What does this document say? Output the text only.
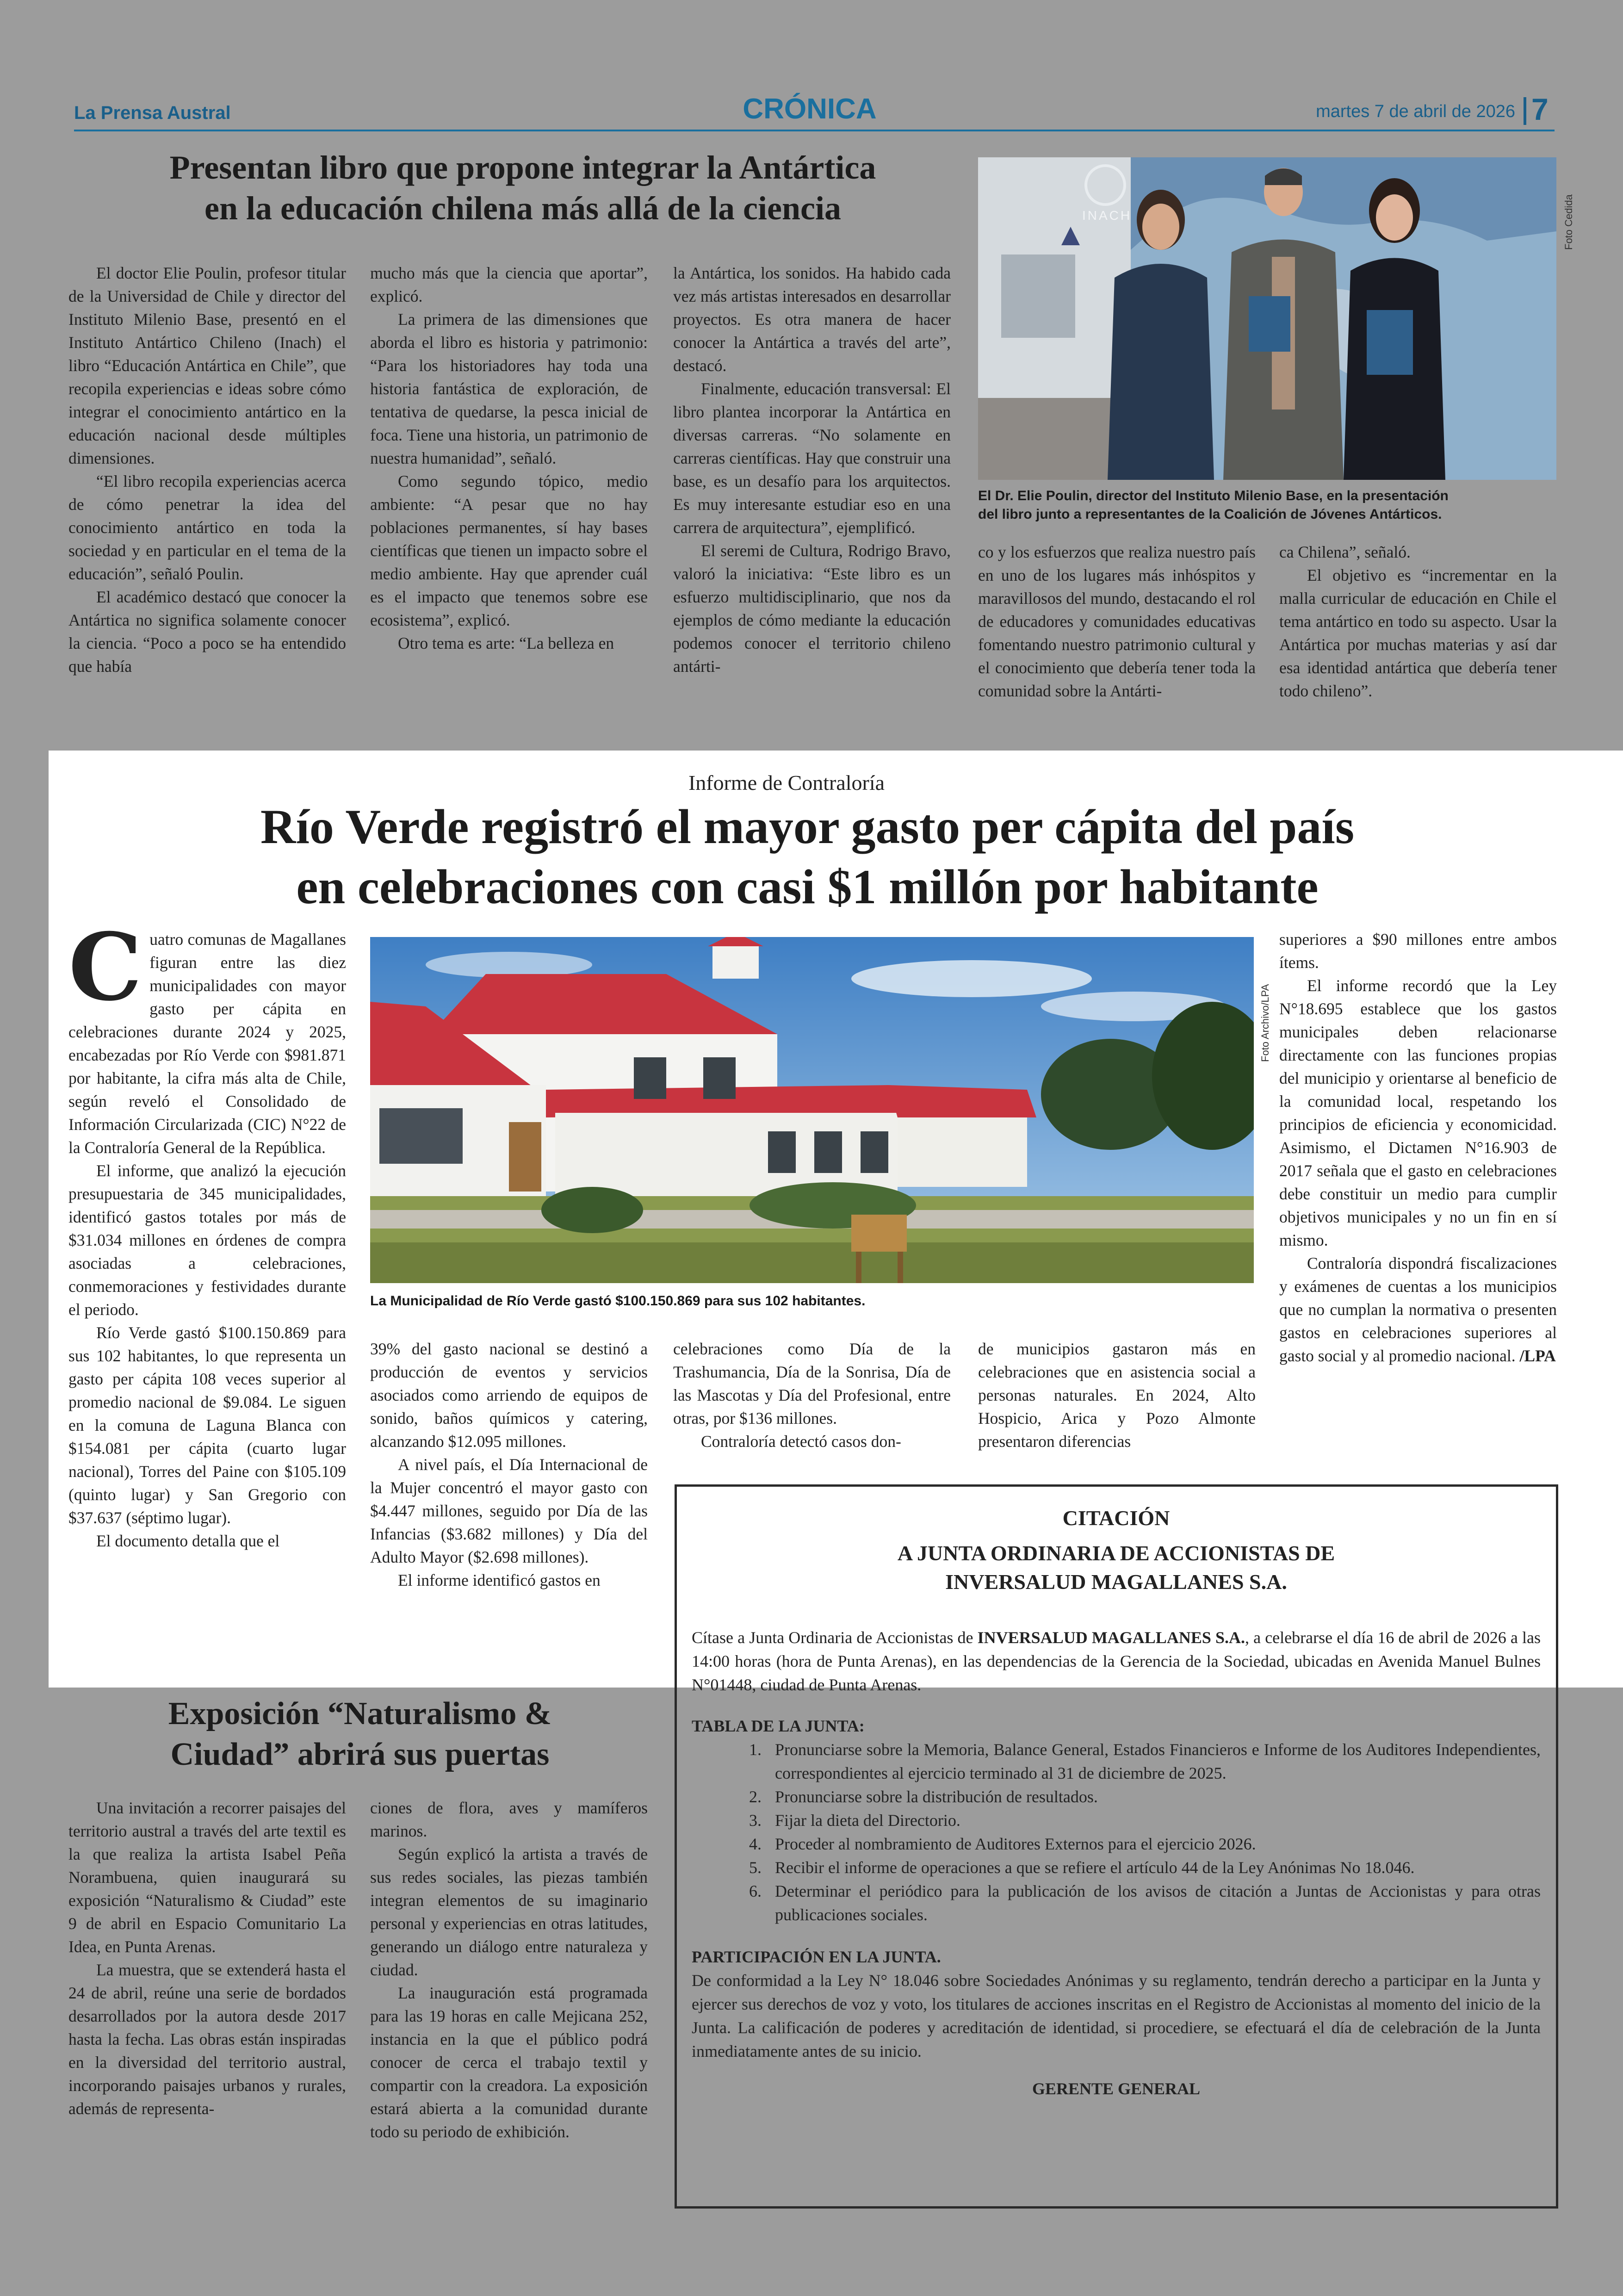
La Prensa Austral	CRÓNICA	martes 7 de abril de 2026 7
Presentan libro que propone integrar la Antártica
en la educación chilena más allá de la ciencia

El doctor Elie Poulin, profesor titular de la Universidad de Chile y director del Instituto Milenio Base, presentó en el Instituto Antártico Chileno (Inach) el libro “Educación Antártica en Chile”, que recopila experiencias e ideas sobre cómo integrar el conocimiento antártico en la educación nacional desde múltiples dimensiones.

“El libro recopila experiencias acerca de cómo penetrar la idea del conocimiento antártico en toda la sociedad y en particular en el tema de la educación”, señaló Poulin.

El académico destacó que conocer la Antártica no significa solamente conocer la ciencia. “Poco a poco se ha entendido que había

mucho más que la ciencia que aportar”, explicó.

La primera de las dimensiones que aborda el libro es historia y patrimonio: “Para los historiadores hay toda una historia fantástica de exploración, de tentativa de quedarse, la pesca inicial de foca. Tiene una historia, un patrimonio de nuestra humanidad”, señaló.

Como segundo tópico, medio ambiente: “A pesar que no hay poblaciones permanentes, sí hay bases científicas que tienen un impacto sobre el medio ambiente. Hay que aprender cuál es el impacto que tenemos sobre ese ecosistema”, explicó.

Otro tema es arte: “La belleza en

la Antártica, los sonidos. Ha habido cada vez más artistas interesados en desarrollar proyectos. Es otra manera de hacer conocer la Antártica a través del arte”, destacó.

Finalmente, educación transversal: El libro plantea incorporar la Antártica en diversas carreras. “No solamente en carreras científicas. Hay que construir una base, es un desafío para los arquitectos. Es muy interesante estudiar eso en una carrera de arquitectura”, ejemplificó.

El seremi de Cultura, Rodrigo Bravo, valoró la iniciativa: “Este libro es un esfuerzo multidisciplinario, que nos da ejemplos de cómo mediante la educación podemos conocer el territorio chileno antárti-

INACH	Foto Cedida
El Dr. Elie Poulin, director del Instituto Milenio Base, en la presentación
del libro junto a representantes de la Coalición de Jóvenes Antárticos.

co y los esfuerzos que realiza nuestro país en uno de los lugares más inhóspitos y maravillosos del mundo, destacando el rol de educadores y comunidades educativas fomentando nuestro patrimonio cultural y el conocimiento que debería tener toda la comunidad sobre la Antárti-

ca Chilena”, señaló.

El objetivo es “incrementar en la malla curricular de educación en Chile el tema antártico en todo su aspecto. Usar la Antártica por muchas materias y así dar esa identidad antártica que debería tener todo chileno”.

Informe de Contraloría
Río Verde registró el mayor gasto per cápita del país
en celebraciones con casi $1 millón por habitante
C uatro comunas de Magallanes figuran entre las diez municipalidades con mayor gasto per cápita en celebraciones durante 2024 y 2025, encabezadas por Río Verde con $981.871 por habitante, la cifra más alta de Chile, según reveló el Consolidado de Información Circularizada (CIC) N°22 de la Contraloría General de la República.

El informe, que analizó la ejecución presupuestaria de 345 municipalidades, identificó gastos totales por más de $31.034 millones en órdenes de compra asociadas a celebraciones, conmemoraciones y festividades durante el periodo.

Río Verde gastó $100.150.869 para sus 102 habitantes, lo que representa un gasto per cápita 108 veces superior al promedio nacional de $9.084. Le siguen en la comuna de Laguna Blanca con $154.081 per cápita (cuarto lugar nacional), Torres del Paine con $105.109 (quinto lugar) y San Gregorio con $37.637 (séptimo lugar).

El documento detalla que el

Foto Archivo/LPA
La Municipalidad de Río Verde gastó $100.150.869 para sus 102 habitantes.

39% del gasto nacional se destinó a producción de eventos y servicios asociados como arriendo de equipos de sonido, baños químicos y catering, alcanzando $12.095 millones.

A nivel país, el Día Internacional de la Mujer concentró el mayor gasto con $4.447 millones, seguido por Día de las Infancias ($3.682 millones) y Día del Adulto Mayor ($2.698 millones).

El informe identificó gastos en

celebraciones como Día de la Trashumancia, Día de la Sonrisa, Día de las Mascotas y Día del Profesional, entre otras, por $136 millones.

Contraloría detectó casos don-

de municipios gastaron más en celebraciones que en asistencia social a personas naturales. En 2024, Alto Hospicio, Arica y Pozo Almonte presentaron diferencias

superiores a $90 millones entre ambos ítems.

El informe recordó que la Ley N°18.695 establece que los gastos municipales deben relacionarse directamente con las funciones propias del municipio y orientarse al beneficio de la comunidad local, respetando los principios de eficiencia y economicidad. Asimismo, el Dictamen N°16.903 de 2017 señala que el gasto en celebraciones debe constituir un medio para cumplir objetivos municipales y no un fin en sí mismo.

Contraloría dispondrá fiscalizaciones y exámenes de cuentas a los municipios que no cumplan la normativa o presenten gastos en celebraciones superiores al gasto social y al promedio nacional. /LPA

Exposición “Naturalismo &
Ciudad” abrirá sus puertas

Una invitación a recorrer paisajes del territorio austral a través del arte textil es la que realiza la artista Isabel Peña Norambuena, quien inaugurará su exposición “Naturalismo & Ciudad” este 9 de abril en Espacio Comunitario La Idea, en Punta Arenas.

La muestra, que se extenderá hasta el 24 de abril, reúne una serie de bordados desarrollados por la autora desde 2017 hasta la fecha. Las obras están inspiradas en la diversidad del territorio austral, incorporando paisajes urbanos y rurales, además de representa-

ciones de flora, aves y mamíferos marinos.

Según explicó la artista a través de sus redes sociales, las piezas también integran elementos de su imaginario personal y experiencias en otras latitudes, generando un diálogo entre naturaleza y ciudad.

La inauguración está programada para las 19 horas en calle Mejicana 252, instancia en la que el público podrá conocer de cerca el trabajo textil y compartir con la creadora. La exposición estará abierta a la comunidad durante todo su periodo de exhibición.

CITACIÓN
A JUNTA ORDINARIA DE ACCIONISTAS DE
INVERSALUD MAGALLANES S.A.
Cítase a Junta Ordinaria de Accionistas de INVERSALUD MAGALLANES S.A., a celebrarse el día 16 de abril de 2026 a las 14:00 horas (hora de Punta Arenas), en las dependencias de la Gerencia de la Sociedad, ubicadas en Avenida Manuel Bulnes N°01448, ciudad de Punta Arenas.
TABLA DE LA JUNTA:
1. Pronunciarse sobre la Memoria, Balance General, Estados Financieros e Informe de los Auditores Independientes, correspondientes al ejercicio terminado al 31 de diciembre de 2025.
2. Pronunciarse sobre la distribución de resultados.
3. Fijar la dieta del Directorio.
4. Proceder al nombramiento de Auditores Externos para el ejercicio 2026.
5. Recibir el informe de operaciones a que se refiere el artículo 44 de la Ley Anónimas No 18.046.
6. Determinar el periódico para la publicación de los avisos de citación a Juntas de Accionistas y para otras publicaciones sociales.
PARTICIPACIÓN EN LA JUNTA.
De conformidad a la Ley N° 18.046 sobre Sociedades Anónimas y su reglamento, tendrán derecho a participar en la Junta y ejercer sus derechos de voz y voto, los titulares de acciones inscritas en el Registro de Accionistas al momento del inicio de la Junta. La calificación de poderes y acreditación de identidad, si procediere, se efectuará el día de celebración de la Junta inmediatamente antes de su inicio.
GERENTE GENERAL
